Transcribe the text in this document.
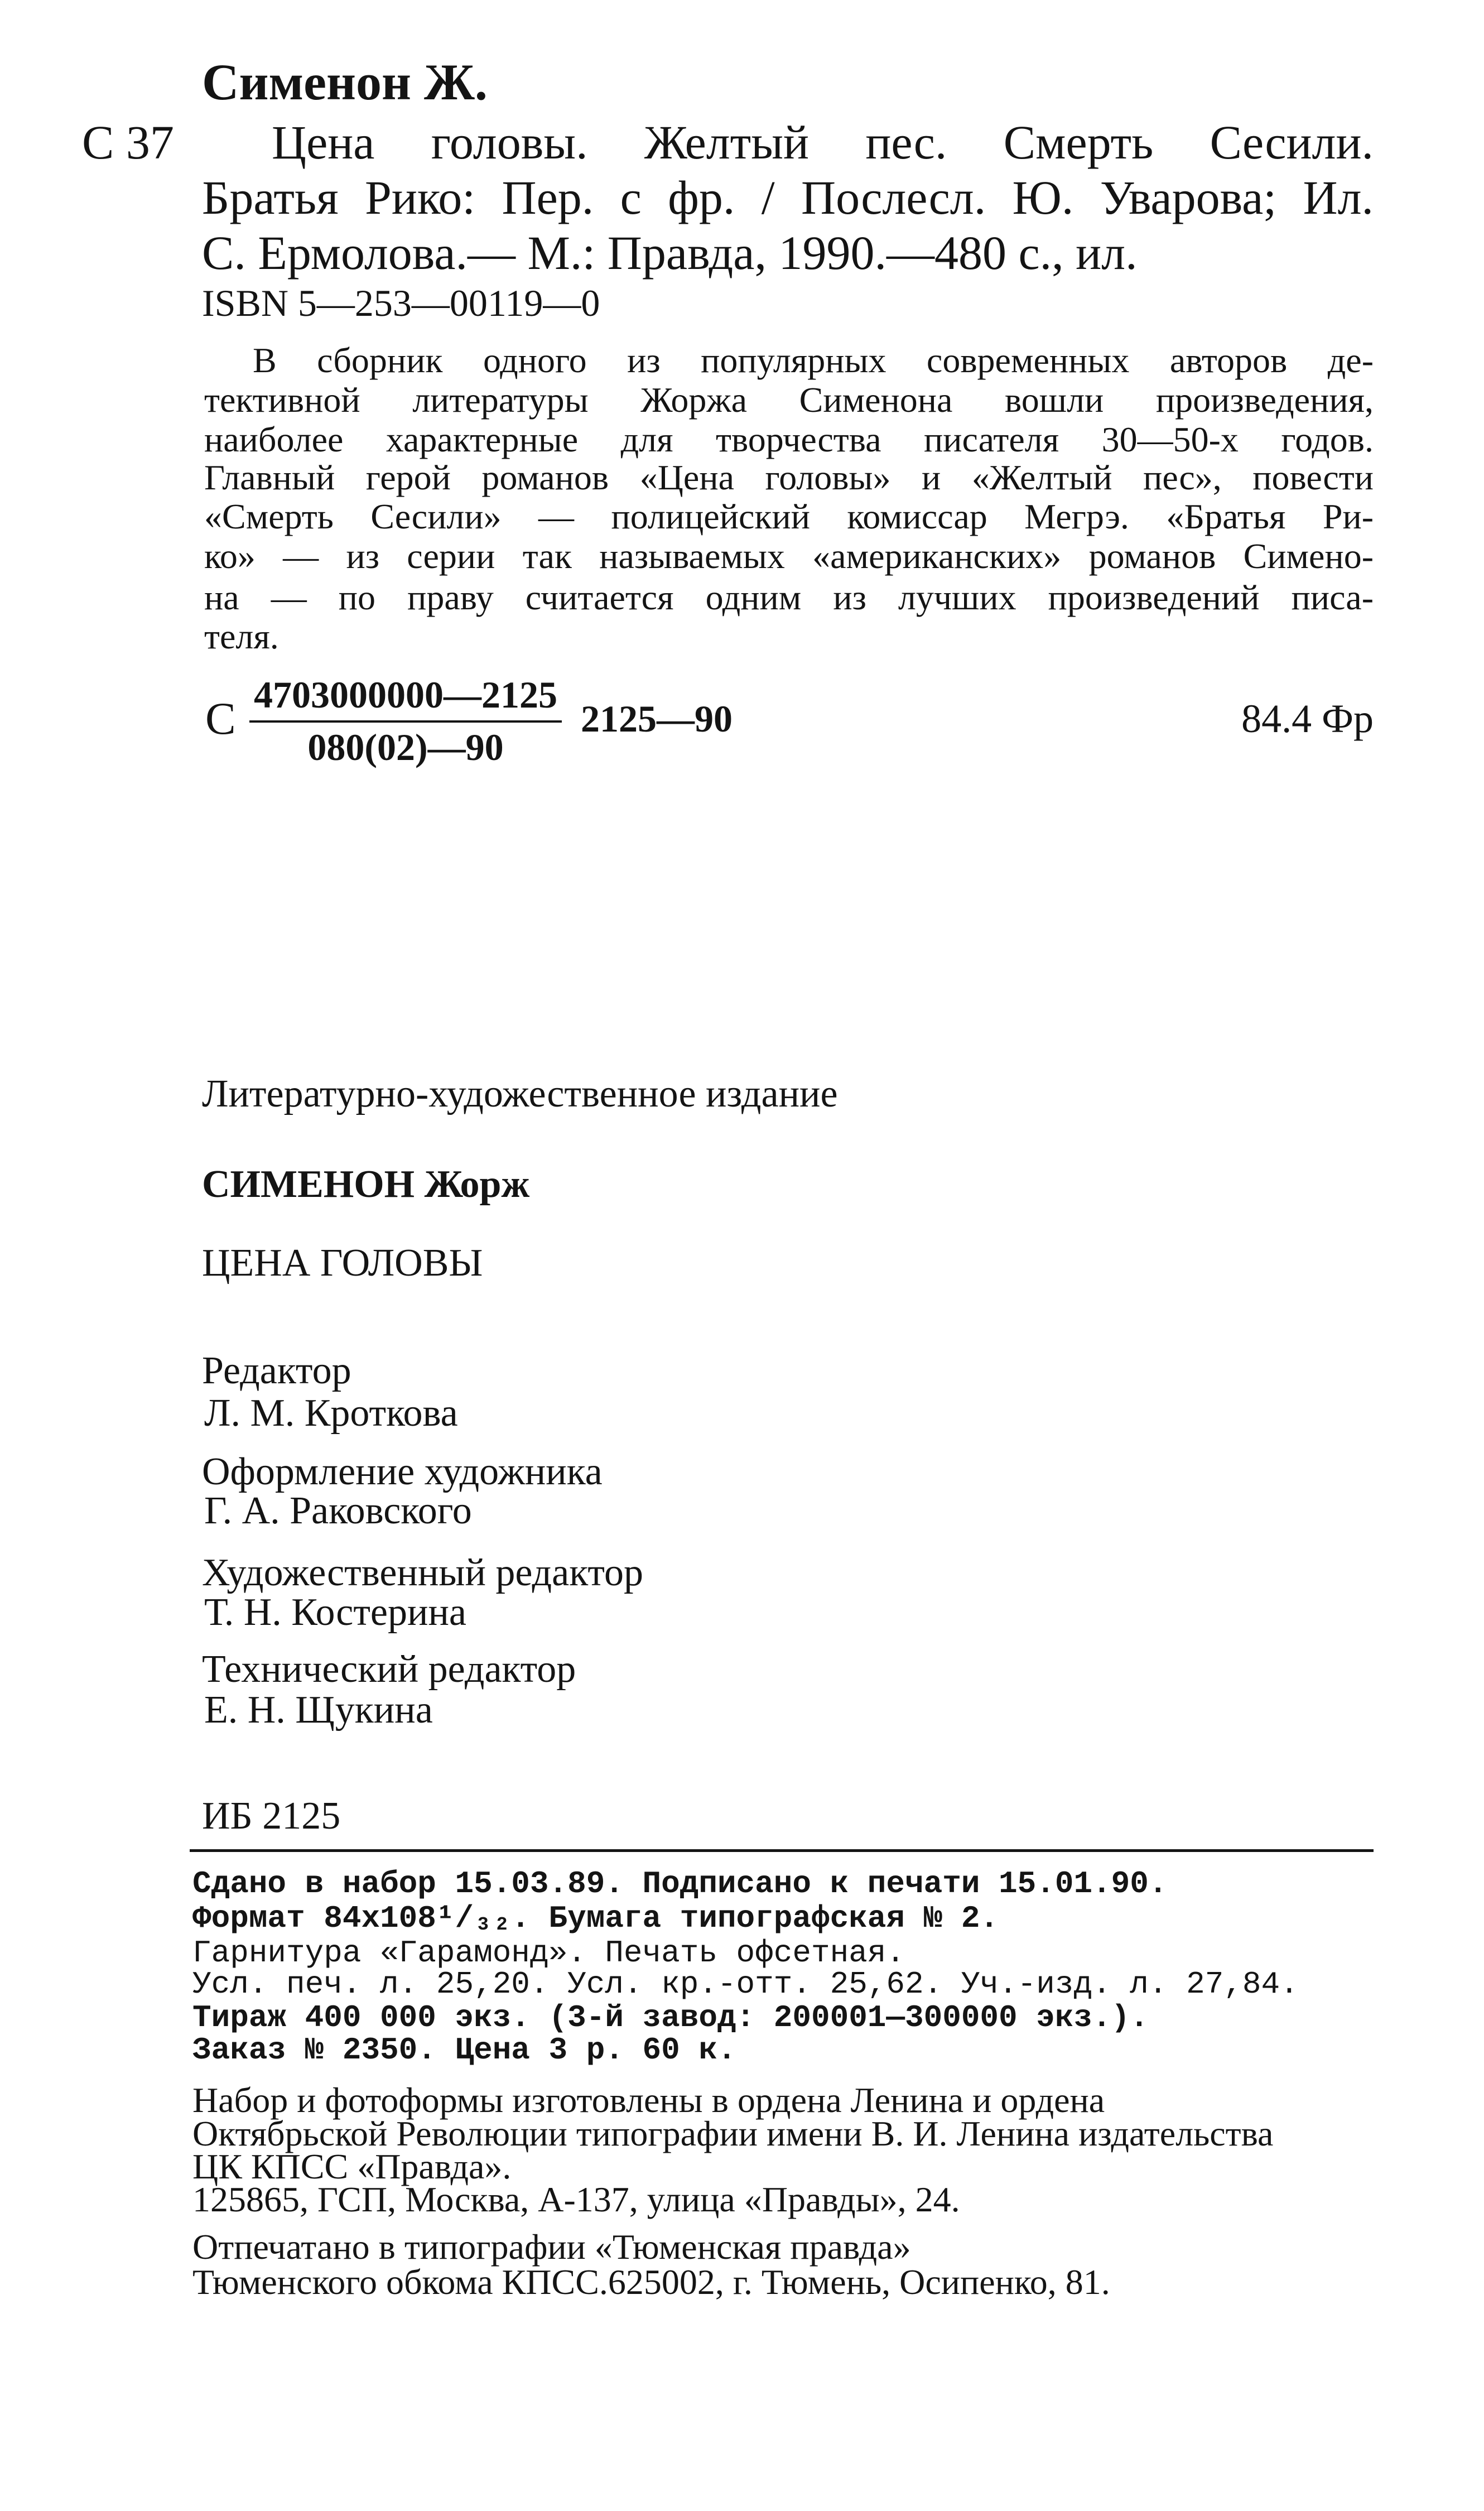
Сименон Ж.
С 37 Цена головы. Желтый пес. Смерть Сесили.
Братья Рико: Пер. с фр. / Послесл. Ю. Уварова; Ил.
С. Ермолова.— М.: Правда, 1990.—480 с., ил.
ISBN 5—253—00119—0
В сборник одного из популярных современных авторов де-
тективной литературы Жоржа Сименона вошли произведения,
наиболее характерные для творчества писателя 30—50-х годов.
Главный герой романов «Цена головы» и «Желтый пес», повести
«Смерть Сесили» — полицейский комиссар Мегрэ. «Братья Ри-
ко» — из серии так называемых «американских» романов Симено-
на — по праву считается одним из лучших произведений писа-
теля.
С 4703000000—2125
080(02)—90
2125—90	84.4 Фр
Литературно-художественное издание
СИМЕНОН Жорж
ЦЕНА ГОЛОВЫ
Редактор
Л. М. Кроткова
Оформление художника
Г. А. Раковского
Художественный редактор
Т. Н. Костерина
Технический редактор
Е. Н. Щукина
ИБ 2125
Сдано в набор 15.03.89. Подписано к печати 15.01.90.
Формат 84x108¹/₃₂. Бумага типографская № 2.
Гарнитура «Гарамонд». Печать офсетная.
Усл. печ. л. 25,20. Усл. кр.-отт. 25,62. Уч.-изд. л. 27,84.
Тираж 400 000 экз. (3-й завод: 200001—300000 экз.).
Заказ № 2350. Цена 3 р. 60 к.
Набор и фотоформы изготовлены в ордена Ленина и ордена
Октябрьской Революции типографии имени В. И. Ленина издательства
ЦК КПСС «Правда».
125865, ГСП, Москва, А-137, улица «Правды», 24.
Отпечатано в типографии «Тюменская правда»
Тюменского обкома КПСС.625002, г. Тюмень, Осипенко, 81.
